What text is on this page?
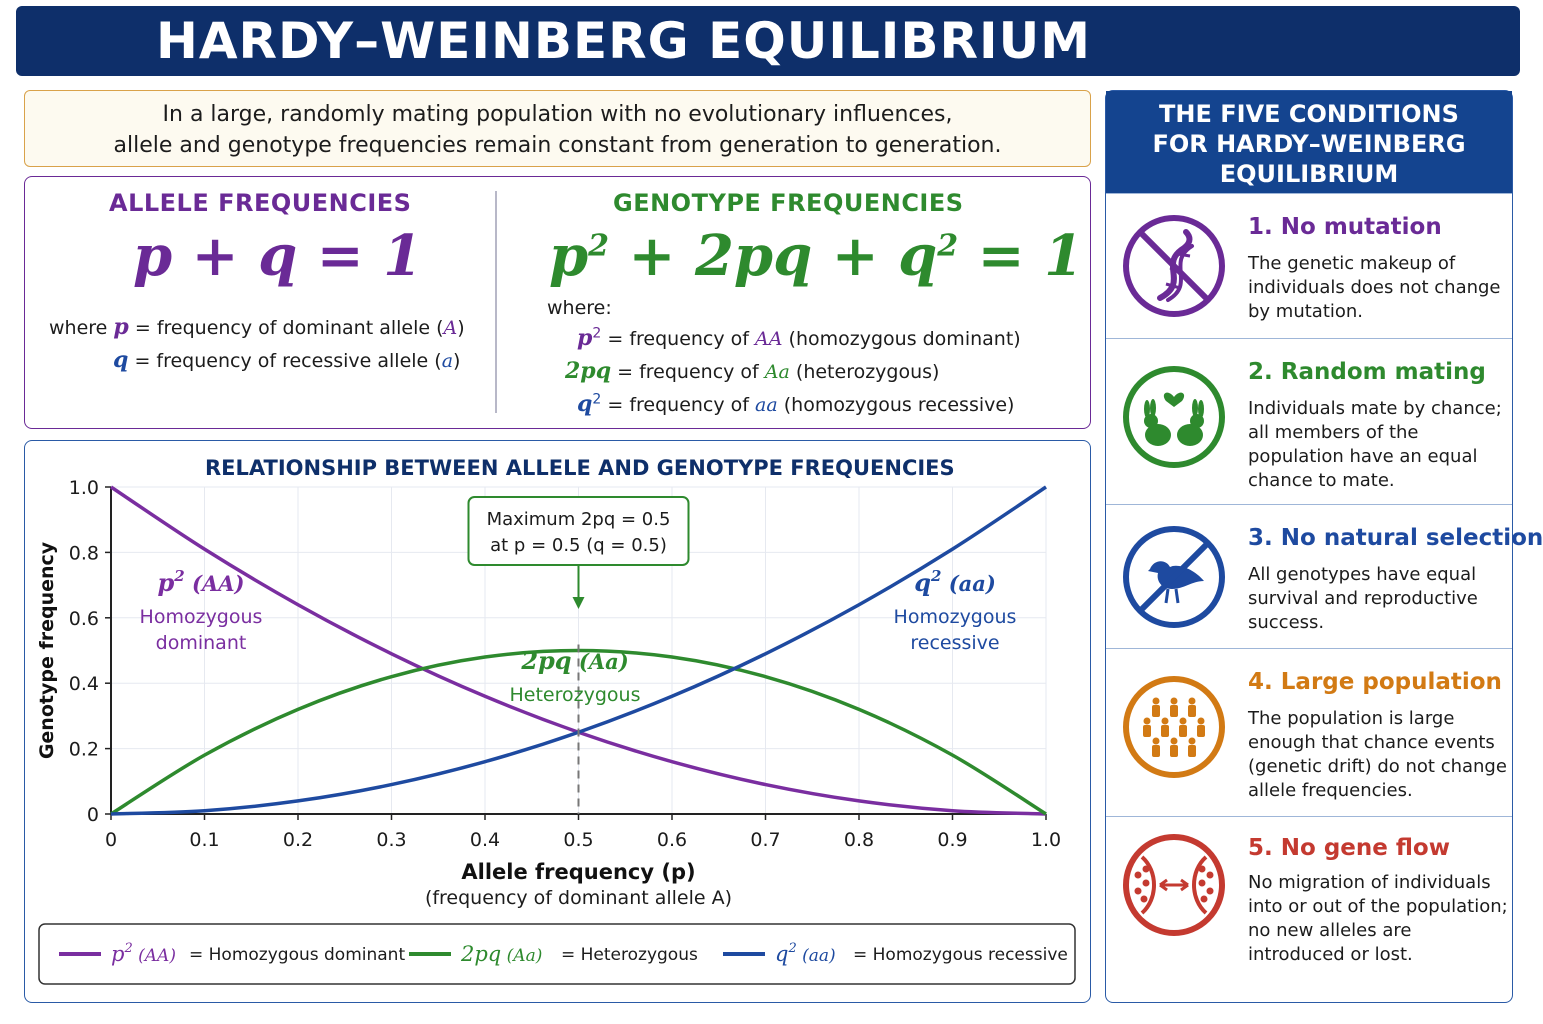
HARDY–WEINBERG EQUILIBRIUM
In a large, randomly mating population with no evolutionary influences,
allele and genotype frequencies remain constant from generation to generation.
ALLELE FREQUENCIES
p + q = 1
where p = frequency of dominant allele (A)
q = frequency of recessive allele (a)
GENOTYPE FREQUENCIES
$p^2 + 2pq + q^2 = 1$
where:
$p^2$ = frequency of AA (homozygous dominant)
2pq = frequency of Aa (heterozygous)
$q^2$ = frequency of aa (homozygous recessive)
RELATIONSHIP BETWEEN ALLELE AND GENOTYPE FREQUENCIES
0	0.1	0.2	0.3	0.4	0.5	0.6	0.7	0.8	0.9	1.0
0
0.2
0.4
0.6
0.8
1.0
Allele frequency (p)
(frequency of dominant allele A)
Genotype frequency
Maximum 2pq = 0.5
at p = 0.5 (q = 0.5)
$p^2$ (AA)
Homozygous
dominant
2pq (Aa)
Heterozygous
$q^2$ (aa)
Homozygous
recessive
$p^2$ $_{(AA)}$ = Homozygous dominant	2pq (Aa) = Heterozygous	$q^2$ $_{(aa)}$ = Homozygous recessive
THE FIVE CONDITIONS
FOR HARDY–WEINBERG
EQUILIBRIUM
1. No mutation
The genetic makeup of individuals does not change by mutation.
2. Random mating
Individuals mate by chance; all members of the population have an equal chance to mate.
3. No natural selection
All genotypes have equal survival and reproductive success.
4. Large population
The population is large enough that chance events (genetic drift) do not change allele frequencies.
5. No gene flow
No migration of individuals into or out of the population; no new alleles are introduced or lost.
